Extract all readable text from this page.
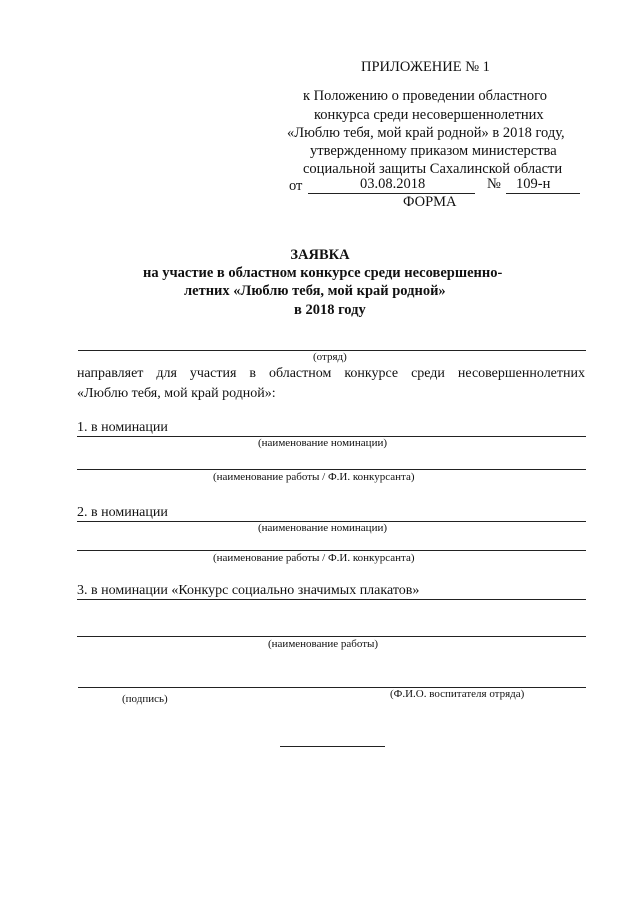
ПРИЛОЖЕНИЕ № 1
к Положению о проведении областного
конкурса среди несовершеннолетних
«Люблю тебя, мой край родной» в 2018 году,
утвержденному приказом министерства
социальной защиты Сахалинской области
от	03.08.2018	№ 109-н
ФОРМА
ЗАЯВКА
на участие в областном конкурсе среди несовершенно-
летних «Люблю тебя, мой край родной»
в 2018 году
(отряд)
направляет для участия в областном конкурсе среди несовершеннолетних
«Люблю тебя, мой край родной»:
1. в номинации
(наименование номинации)
(наименование работы / Ф.И. конкурсанта)
2. в номинации
(наименование номинации)
(наименование работы / Ф.И. конкурсанта)
3. в номинации «Конкурс социально значимых плакатов»
(наименование работы)
(подпись)	(Ф.И.О. воспитателя отряда)
